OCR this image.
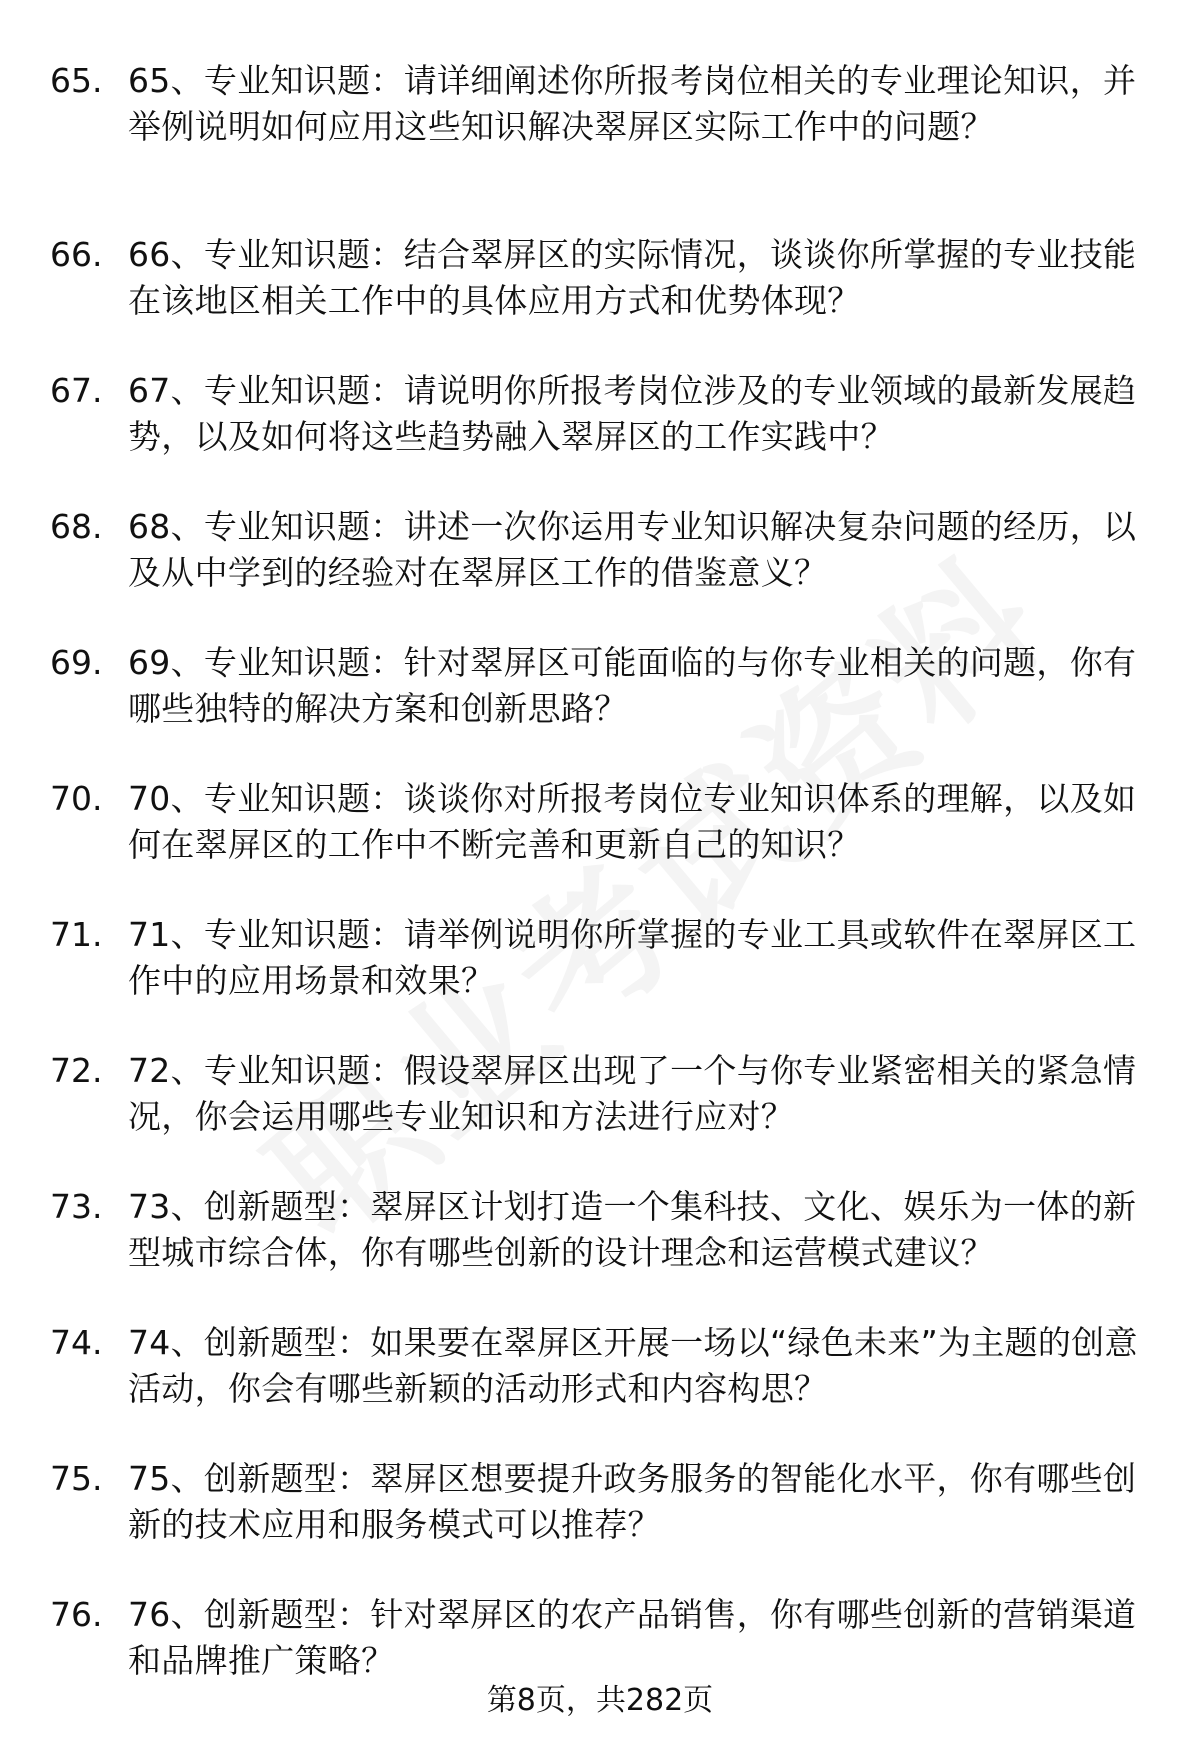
65. 65、专业知识题：请详细阐述你所报考岗位相关的专业理论知识，并举例说明如何应用这些知识解决翠屏区实际工作中的问题？
66. 66、专业知识题：结合翠屏区的实际情况，谈谈你所掌握的专业技能在该地区相关工作中的具体应用方式和优势体现？
67. 67、专业知识题：请说明你所报考岗位涉及的专业领域的最新发展趋势，以及如何将这些趋势融入翠屏区的工作实践中？
68. 68、专业知识题：讲述一次你运用专业知识解决复杂问题的经历，以及从中学到的经验对在翠屏区工作的借鉴意义？
69. 69、专业知识题：针对翠屏区可能面临的与你专业相关的问题，你有哪些独特的解决方案和创新思路？
70. 70、专业知识题：谈谈你对所报考岗位专业知识体系的理解，以及如何在翠屏区的工作中不断完善和更新自己的知识？
71. 71、专业知识题：请举例说明你所掌握的专业工具或软件在翠屏区工作中的应用场景和效果？
72. 72、专业知识题：假设翠屏区出现了一个与你专业紧密相关的紧急情况，你会运用哪些专业知识和方法进行应对？
73. 73、创新题型：翠屏区计划打造一个集科技、文化、娱乐为一体的新型城市综合体，你有哪些创新的设计理念和运营模式建议？
74. 74、创新题型：如果要在翠屏区开展一场以“绿色未来”为主题的创意活动，你会有哪些新颖的活动形式和内容构思？
75. 75、创新题型：翠屏区想要提升政务服务的智能化水平，你有哪些创新的技术应用和服务模式可以推荐？
76. 76、创新题型：针对翠屏区的农产品销售，你有哪些创新的营销渠道和品牌推广策略？
第8页，共282页
